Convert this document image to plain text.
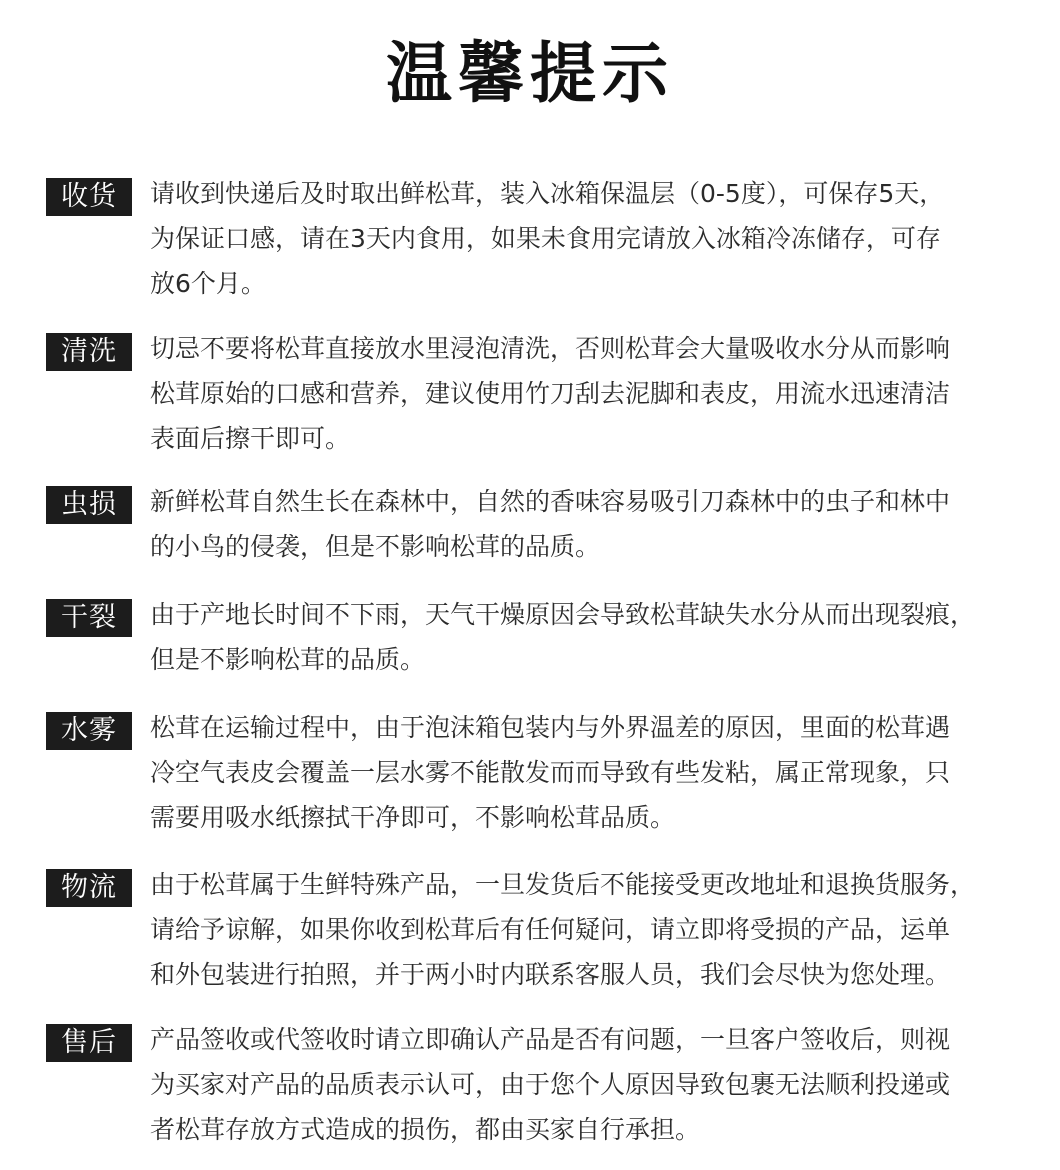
温馨提示
收货	请收到快递后及时取出鲜松茸，装入冰箱保温层（0-5度），可保存5天，
为保证口感，请在3天内食用，如果未食用完请放入冰箱冷冻储存，可存
放6个月。

清洗	切忌不要将松茸直接放水里浸泡清洗，否则松茸会大量吸收水分从而影响
松茸原始的口感和营养，建议使用竹刀刮去泥脚和表皮，用流水迅速清洁
表面后擦干即可。

虫损	新鲜松茸自然生长在森林中，自然的香味容易吸引刀森林中的虫子和林中
的小鸟的侵袭，但是不影响松茸的品质。

干裂	由于产地长时间不下雨，天气干燥原因会导致松茸缺失水分从而出现裂痕，
但是不影响松茸的品质。

水雾	松茸在运输过程中，由于泡沫箱包装内与外界温差的原因，里面的松茸遇
冷空气表皮会覆盖一层水雾不能散发而而导致有些发粘，属正常现象，只
需要用吸水纸擦拭干净即可，不影响松茸品质。

物流	由于松茸属于生鲜特殊产品，一旦发货后不能接受更改地址和退换货服务，
请给予谅解，如果你收到松茸后有任何疑问，请立即将受损的产品，运单
和外包装进行拍照，并于两小时内联系客服人员，我们会尽快为您处理。

售后	产品签收或代签收时请立即确认产品是否有问题，一旦客户签收后，则视
为买家对产品的品质表示认可，由于您个人原因导致包裹无法顺利投递或
者松茸存放方式造成的损伤，都由买家自行承担。
